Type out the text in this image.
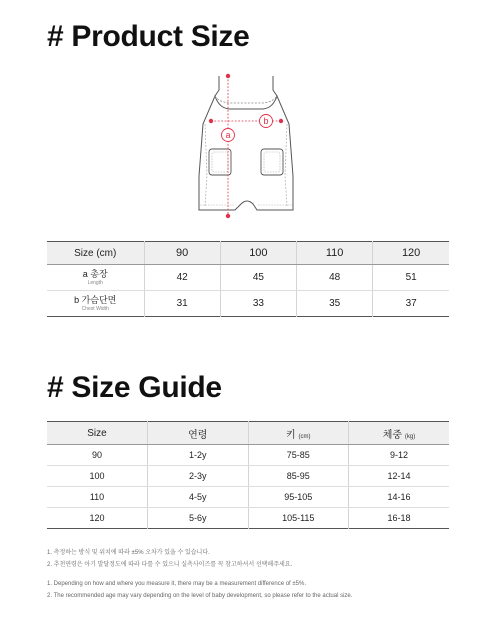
# Product Size
a
b
Size (cm)	90	100	110	120

a 총장
Length	42	45	48	51

b 가슴단면
Chest Width	31	33	35	37
# Size Guide
Size	연령	키 (cm)	체중 (kg)
90	1-2y	75-85	9-12
100	2-3y	85-95	12-14
110	4-5y	95-105	14-16
120	5-6y	105-115	16-18
1. 측정하는 방식 및 위치에 따라 ±5% 오차가 있을 수 있습니다.
2. 추천연령은 아기 발달정도에 따라 다를 수 있으니 실측사이즈를 꼭 참고하셔서 선택해주세요.
1. Depending on how and where you measure it, there may be a measurement difference of ±5%.
2. The recommended age may vary depending on the level of baby development, so please refer to the actual size.
